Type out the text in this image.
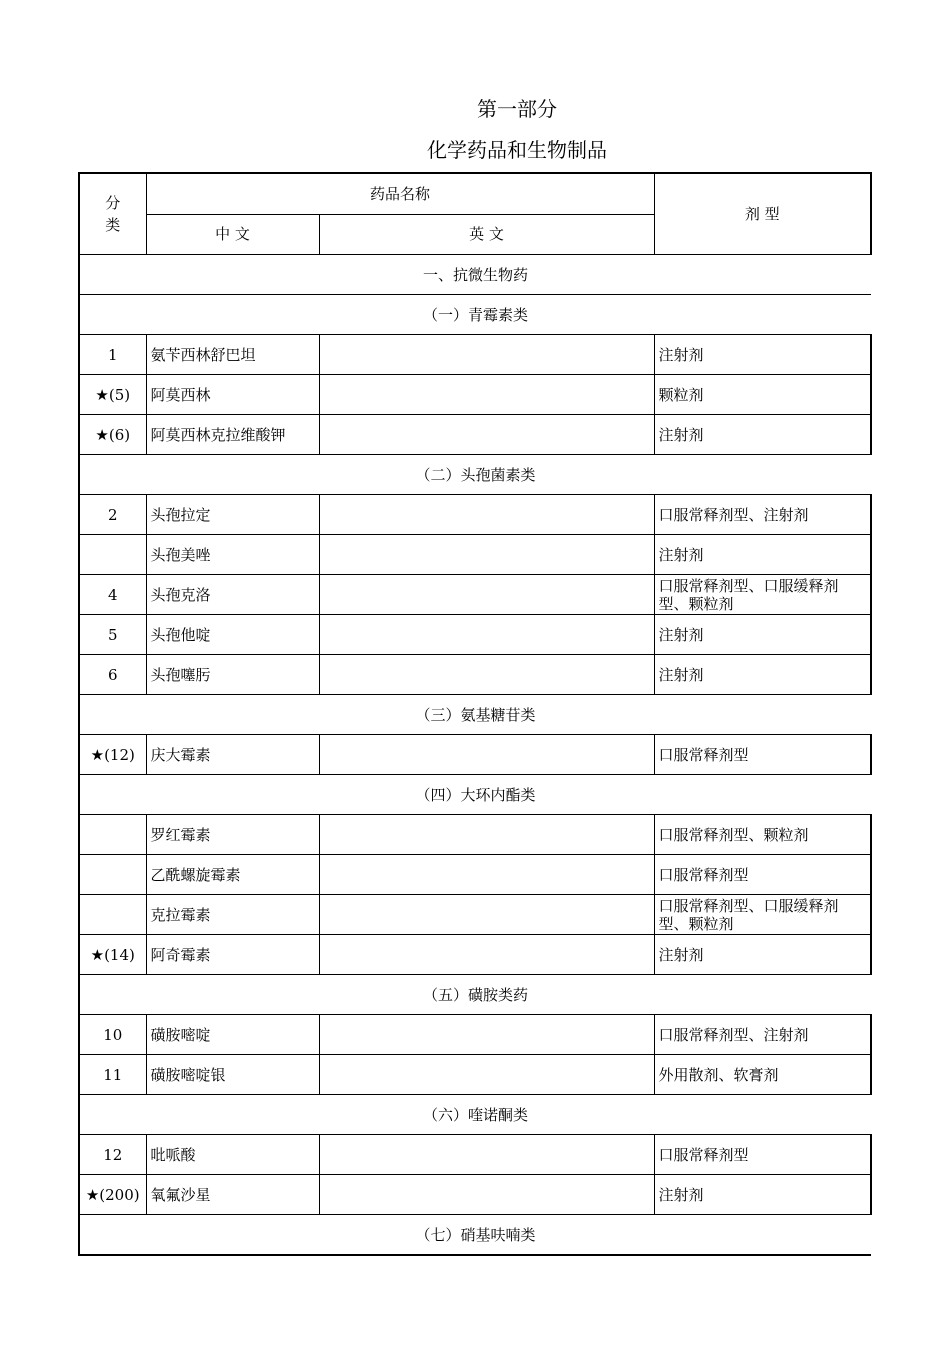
第一部分
化学药品和生物制品
分
类	药品名称		剂 型
	中 文	英 文	
一、抗微生物药			
（一）青霉素类			
1	氨苄西林舒巴坦		注射剂
★(5)	阿莫西林		颗粒剂
★(6)	阿莫西林克拉维酸钾		注射剂
（二）头孢菌素类			
2	头孢拉定		口服常释剂型、注射剂
	头孢美唑		注射剂
4	头孢克洛		口服常释剂型、口服缓释剂型、颗粒剂
5	头孢他啶		注射剂
6	头孢噻肟		注射剂
（三）氨基糖苷类			
★(12)	庆大霉素		口服常释剂型
（四）大环内酯类			
	罗红霉素		口服常释剂型、颗粒剂
	乙酰螺旋霉素		口服常释剂型
	克拉霉素		口服常释剂型、口服缓释剂型、颗粒剂
★(14)	阿奇霉素		注射剂
（五）磺胺类药			
10	磺胺嘧啶		口服常释剂型、注射剂
11	磺胺嘧啶银		外用散剂、软膏剂
（六）喹诺酮类			
12	吡哌酸		口服常释剂型
★(200)	氧氟沙星		注射剂
（七）硝基呋喃类			
